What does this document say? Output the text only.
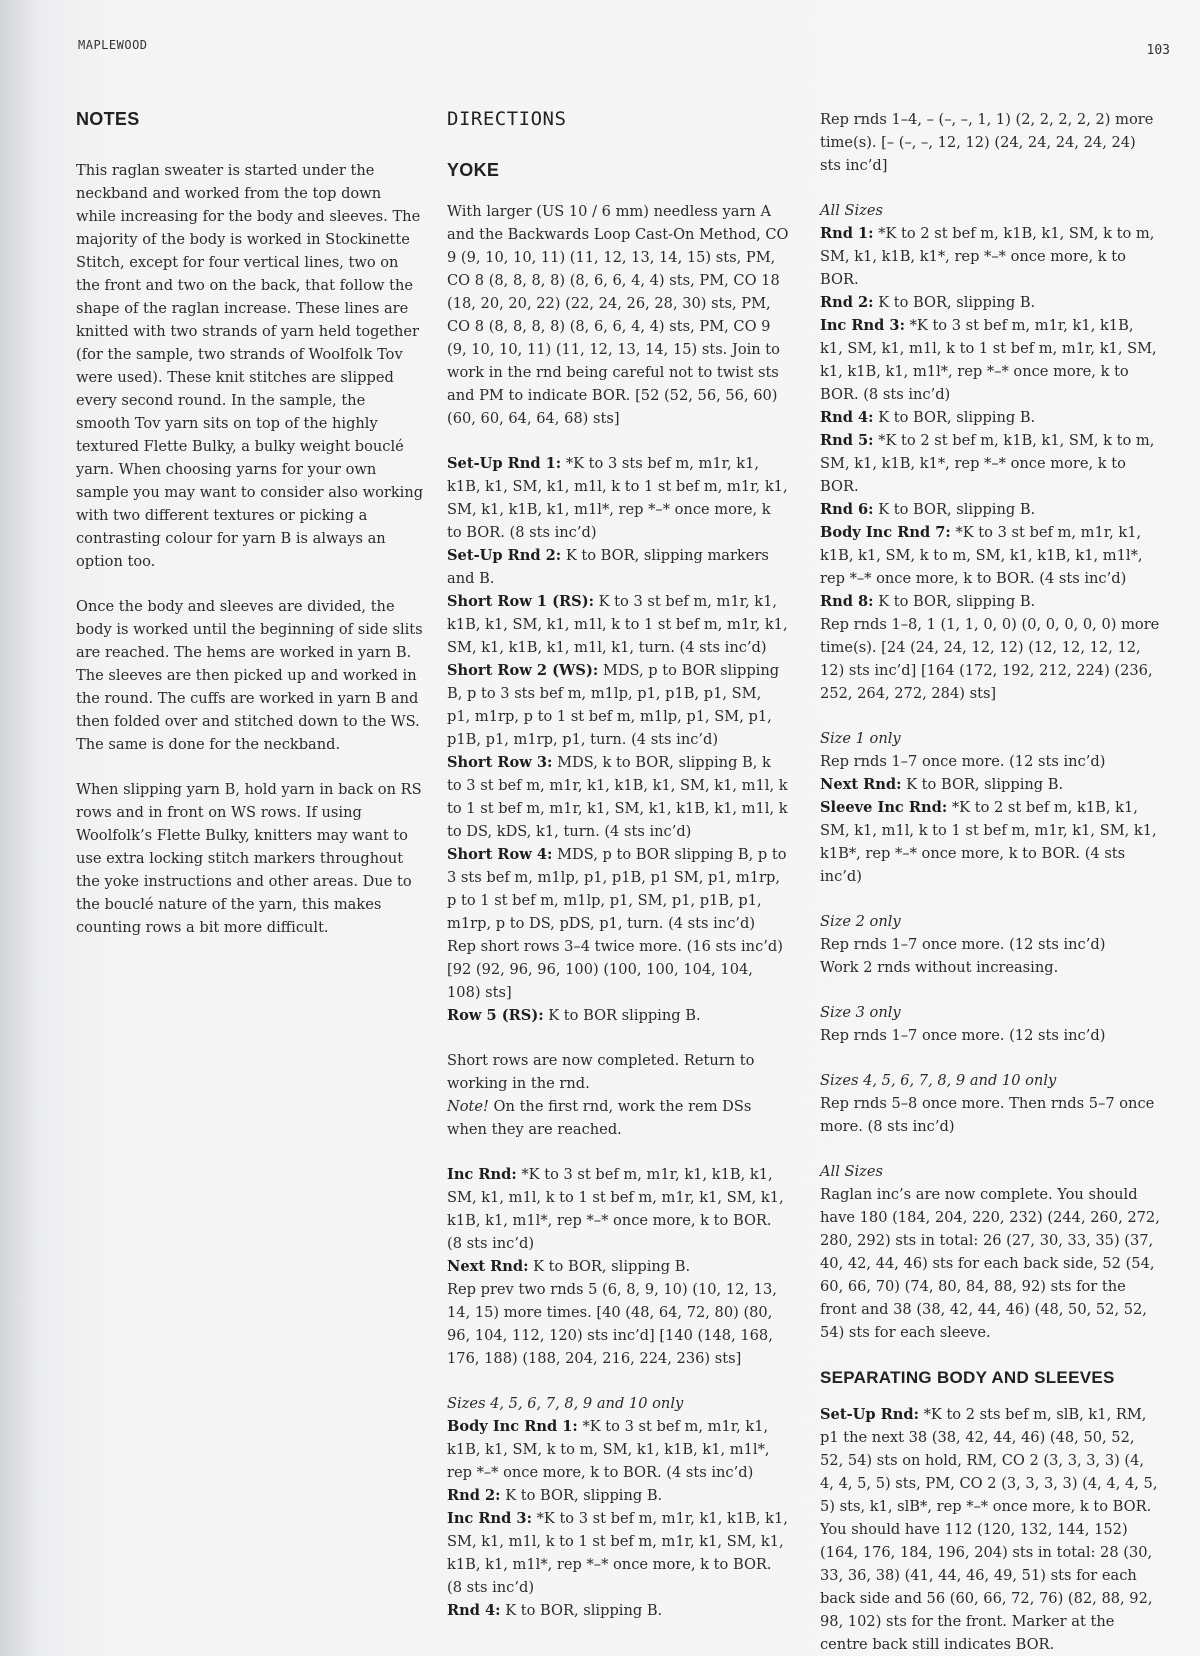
MAPLEWOOD	103
NOTES

This raglan sweater is started under the neckband and worked from the top down while increasing for the body and sleeves. The majority of the body is worked in Stockinette Stitch, except for four vertical lines, two on the front and two on the back, that follow the shape of the raglan increase. These lines are knitted with two strands of yarn held together (for the sample, two strands of Woolfolk Tov were used). These knit stitches are slipped every second round. In the sample, the smooth Tov yarn sits on top of the highly textured Flette Bulky, a bulky weight bouclé yarn. When choosing yarns for your own sample you may want to consider also working with two different textures or picking a contrasting colour for yarn B is always an option too.

Once the body and sleeves are divided, the body is worked until the beginning of side slits are reached. The hems are worked in yarn B. The sleeves are then picked up and worked in the round. The cuffs are worked in yarn B and then folded over and stitched down to the WS. The same is done for the neckband.

When slipping yarn B, hold yarn in back on RS rows and in front on WS rows. If using Woolfolk’s Flette Bulky, knitters may want to use extra locking stitch markers throughout the yoke instructions and other areas. Due to the bouclé nature of the yarn, this makes counting rows a bit more difficult.

DIRECTIONS
YOKE

With larger (US 10 / 6 mm) needless yarn A and the Backwards Loop Cast-On Method, CO 9 (9, 10, 10, 11) (11, 12, 13, 14, 15) sts, PM, CO 8 (8, 8, 8, 8) (8, 6, 6, 4, 4) sts, PM, CO 18 (18, 20, 20, 22) (22, 24, 26, 28, 30) sts, PM, CO 8 (8, 8, 8, 8) (8, 6, 6, 4, 4) sts, PM, CO 9 (9, 10, 10, 11) (11, 12, 13, 14, 15) sts. Join to work in the rnd being careful not to twist sts and PM to indicate BOR. [52 (52, 56, 56, 60) (60, 60, 64, 64, 68) sts]

Set-Up Rnd 1: *K to 3 sts bef m, m1r, k1, k1B, k1, SM, k1, m1l, k to 1 st bef m, m1r, k1, SM, k1, k1B, k1, m1l*, rep *–* once more, k to BOR. (8 sts inc’d)
Set-Up Rnd 2: K to BOR, slipping markers and B.
Short Row 1 (RS): K to 3 st bef m, m1r, k1, k1B, k1, SM, k1, m1l, k to 1 st bef m, m1r, k1, SM, k1, k1B, k1, m1l, k1, turn. (4 sts inc’d)
Short Row 2 (WS): MDS, p to BOR slipping B, p to 3 sts bef m, m1lp, p1, p1B, p1, SM, p1, m1rp, p to 1 st bef m, m1lp, p1, SM, p1, p1B, p1, m1rp, p1, turn. (4 sts inc’d)
Short Row 3: MDS, k to BOR, slipping B, k to 3 st bef m, m1r, k1, k1B, k1, SM, k1, m1l, k to 1 st bef m, m1r, k1, SM, k1, k1B, k1, m1l, k to DS, kDS, k1, turn. (4 sts inc’d)
Short Row 4: MDS, p to BOR slipping B, p to 3 sts bef m, m1lp, p1, p1B, p1 SM, p1, m1rp, p to 1 st bef m, m1lp, p1, SM, p1, p1B, p1, m1rp, p to DS, pDS, p1, turn. (4 sts inc’d)
Rep short rows 3–4 twice more. (16 sts inc’d) [92 (92, 96, 96, 100) (100, 100, 104, 104, 108) sts]
Row 5 (RS): K to BOR slipping B.
Short rows are now completed. Return to working in the rnd.
Note! On the first rnd, work the rem DSs when they are reached.
Inc Rnd: *K to 3 st bef m, m1r, k1, k1B, k1, SM, k1, m1l, k to 1 st bef m, m1r, k1, SM, k1, k1B, k1, m1l*, rep *–* once more, k to BOR. (8 sts inc’d)
Next Rnd: K to BOR, slipping B.
Rep prev two rnds 5 (6, 8, 9, 10) (10, 12, 13, 14, 15) more times. [40 (48, 64, 72, 80) (80, 96, 104, 112, 120) sts inc’d] [140 (148, 168, 176, 188) (188, 204, 216, 224, 236) sts]
Sizes 4, 5, 6, 7, 8, 9 and 10 only
Body Inc Rnd 1: *K to 3 st bef m, m1r, k1, k1B, k1, SM, k to m, SM, k1, k1B, k1, m1l*, rep *–* once more, k to BOR. (4 sts inc’d)
Rnd 2: K to BOR, slipping B.
Inc Rnd 3: *K to 3 st bef m, m1r, k1, k1B, k1, SM, k1, m1l, k to 1 st bef m, m1r, k1, SM, k1, k1B, k1, m1l*, rep *–* once more, k to BOR. (8 sts inc’d)
Rnd 4: K to BOR, slipping B.

Rep rnds 1–4, – (–, –, 1, 1) (2, 2, 2, 2, 2) more time(s). [– (–, –, 12, 12) (24, 24, 24, 24, 24) sts inc’d]

All Sizes
Rnd 1: *K to 2 st bef m, k1B, k1, SM, k to m, SM, k1, k1B, k1*, rep *–* once more, k to BOR.
Rnd 2: K to BOR, slipping B.
Inc Rnd 3: *K to 3 st bef m, m1r, k1, k1B, k1, SM, k1, m1l, k to 1 st bef m, m1r, k1, SM, k1, k1B, k1, m1l*, rep *–* once more, k to BOR. (8 sts inc’d)
Rnd 4: K to BOR, slipping B.
Rnd 5: *K to 2 st bef m, k1B, k1, SM, k to m, SM, k1, k1B, k1*, rep *–* once more, k to BOR.
Rnd 6: K to BOR, slipping B.
Body Inc Rnd 7: *K to 3 st bef m, m1r, k1, k1B, k1, SM, k to m, SM, k1, k1B, k1, m1l*, rep *–* once more, k to BOR. (4 sts inc’d)
Rnd 8: K to BOR, slipping B.
Rep rnds 1–8, 1 (1, 1, 0, 0) (0, 0, 0, 0, 0) more time(s). [24 (24, 24, 12, 12) (12, 12, 12, 12, 12) sts inc’d] [164 (172, 192, 212, 224) (236, 252, 264, 272, 284) sts]
Size 1 only
Rep rnds 1–7 once more. (12 sts inc’d)
Next Rnd: K to BOR, slipping B.
Sleeve Inc Rnd: *K to 2 st bef m, k1B, k1, SM, k1, m1l, k to 1 st bef m, m1r, k1, SM, k1, k1B*, rep *–* once more, k to BOR. (4 sts inc’d)
Size 2 only
Rep rnds 1–7 once more. (12 sts inc’d)
Work 2 rnds without increasing.
Size 3 only
Rep rnds 1–7 once more. (12 sts inc’d)
Sizes 4, 5, 6, 7, 8, 9 and 10 only
Rep rnds 5–8 once more. Then rnds 5–7 once more. (8 sts inc’d)
All Sizes
Raglan inc’s are now complete. You should have 180 (184, 204, 220, 232) (244, 260, 272, 280, 292) sts in total: 26 (27, 30, 33, 35) (37, 40, 42, 44, 46) sts for each back side, 52 (54, 60, 66, 70) (74, 80, 84, 88, 92) sts for the front and 38 (38, 42, 44, 46) (48, 50, 52, 52, 54) sts for each sleeve.
SEPARATING BODY AND SLEEVES
Set-Up Rnd: *K to 2 sts bef m, slB, k1, RM, p1 the next 38 (38, 42, 44, 46) (48, 50, 52, 52, 54) sts on hold, RM, CO 2 (3, 3, 3, 3) (4, 4, 4, 5, 5) sts, PM, CO 2 (3, 3, 3, 3) (4, 4, 4, 5, 5) sts, k1, slB*, rep *–* once more, k to BOR.
You should have 112 (120, 132, 144, 152) (164, 176, 184, 196, 204) sts in total: 28 (30, 33, 36, 38) (41, 44, 46, 49, 51) sts for each back side and 56 (60, 66, 72, 76) (82, 88, 92, 98, 102) sts for the front. Marker at the centre back still indicates BOR.
